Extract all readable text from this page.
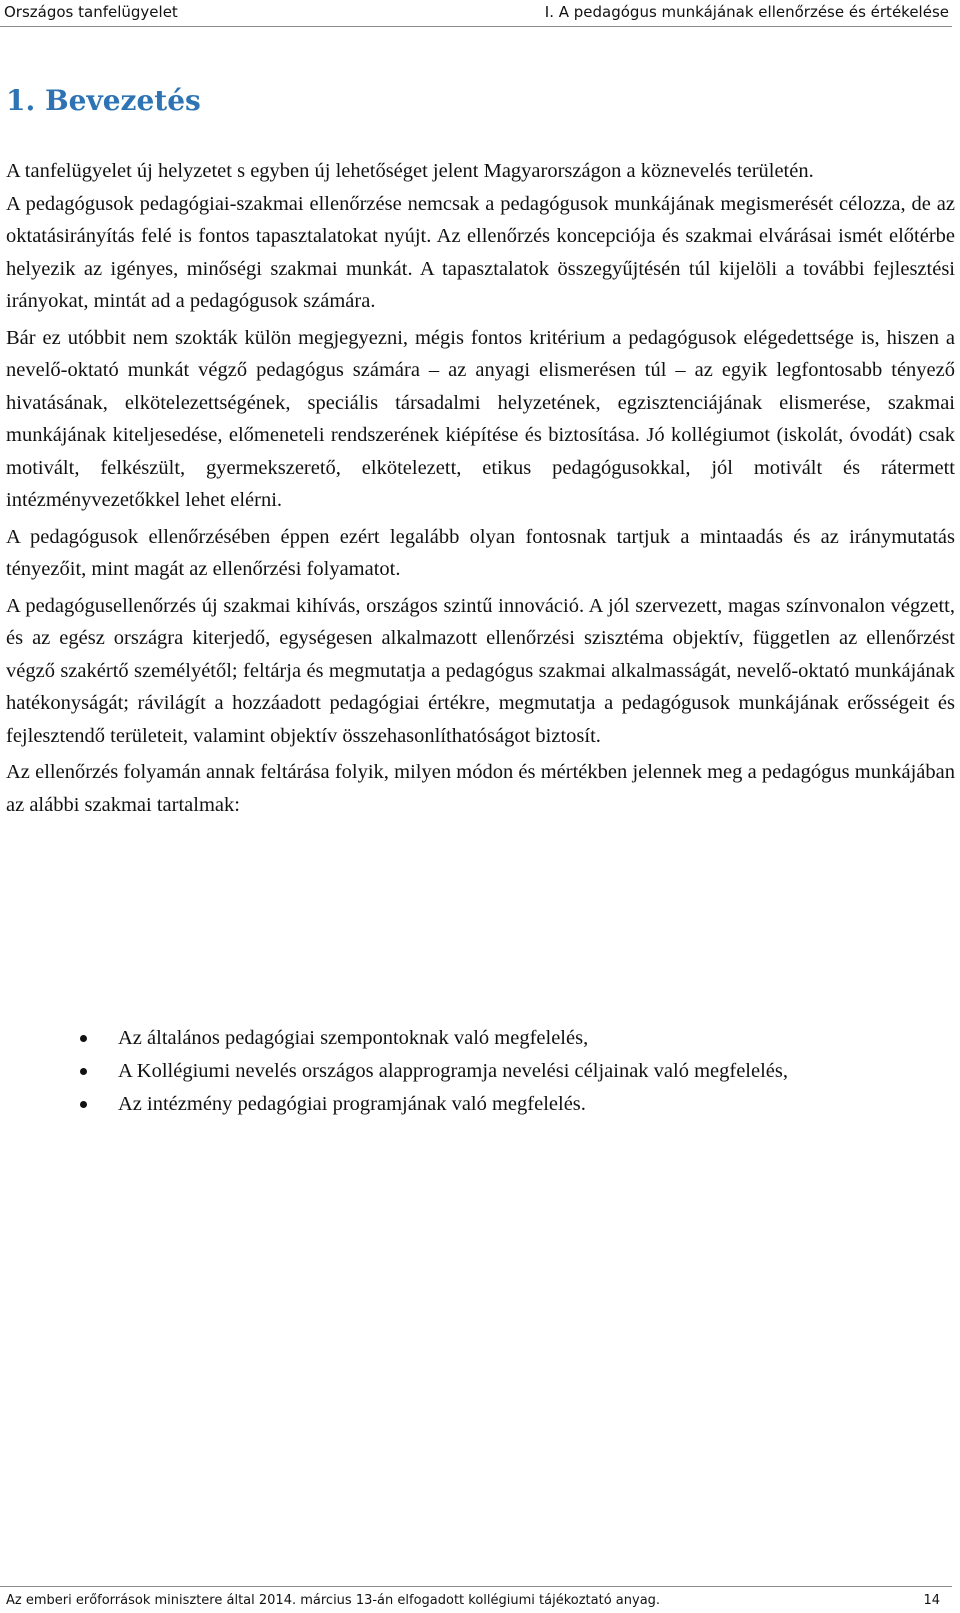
Országos tanfelügyelet	I. A pedagógus munkájának ellenőrzése és értékelése
1. Bevezetés

A tanfelügyelet új helyzetet s egyben új lehetőséget jelent Magyarországon a köznevelés területén.

A pedagógusok pedagógiai-szakmai ellenőrzése nemcsak a pedagógusok munkájának megismerését célozza, de az oktatásirányítás felé is fontos tapasztalatokat nyújt. Az ellenőrzés koncepciója és szakmai elvárásai ismét előtérbe helyezik az igényes, minőségi szakmai munkát. A tapasztalatok összegyűjtésén túl kijelöli a további fejlesztési irányokat, mintát ad a pedagógusok számára.

Bár ez utóbbit nem szokták külön megjegyezni, mégis fontos kritérium a pedagógusok elégedettsége is, hiszen a nevelő-oktató munkát végző pedagógus számára – az anyagi elismerésen túl – az egyik legfontosabb tényező hivatásának, elkötelezettségének, speciális társadalmi helyzetének, egzisztenciájának elismerése, szakmai munkájának kiteljesedése, előmeneteli rendszerének kiépítése és biztosítása. Jó kollégiumot (iskolát, óvodát) csak motivált, felkészült, gyermekszerető, elkötelezett, etikus pedagógusokkal, jól motivált és rátermett intézményvezetőkkel lehet elérni.

A pedagógusok ellenőrzésében éppen ezért legalább olyan fontosnak tartjuk a mintaadás és az iránymutatás tényezőit, mint magát az ellenőrzési folyamatot.

A pedagógusellenőrzés új szakmai kihívás, országos szintű innováció. A jól szervezett, magas színvonalon végzett, és az egész országra kiterjedő, egységesen alkalmazott ellenőrzési szisztéma objektív, független az ellenőrzést végző szakértő személyétől; feltárja és megmutatja a pedagógus szakmai alkalmasságát, nevelő-oktató munkájának hatékonyságát; rávilágít a hozzáadott pedagógiai értékre, megmutatja a pedagógusok munkájának erősségeit és fejlesztendő területeit, valamint objektív összehasonlíthatóságot biztosít.

Az ellenőrzés folyamán annak feltárása folyik, milyen módon és mértékben jelennek meg a pedagógus munkájában az alábbi szakmai tartalmak:

Az általános pedagógiai szempontoknak való megfelelés,
A Kollégiumi nevelés országos alapprogramja nevelési céljainak való megfelelés,
Az intézmény pedagógiai programjának való megfelelés.
Az emberi erőforrások minisztere által 2014. március 13-án elfogadott kollégiumi tájékoztató anyag.	14
